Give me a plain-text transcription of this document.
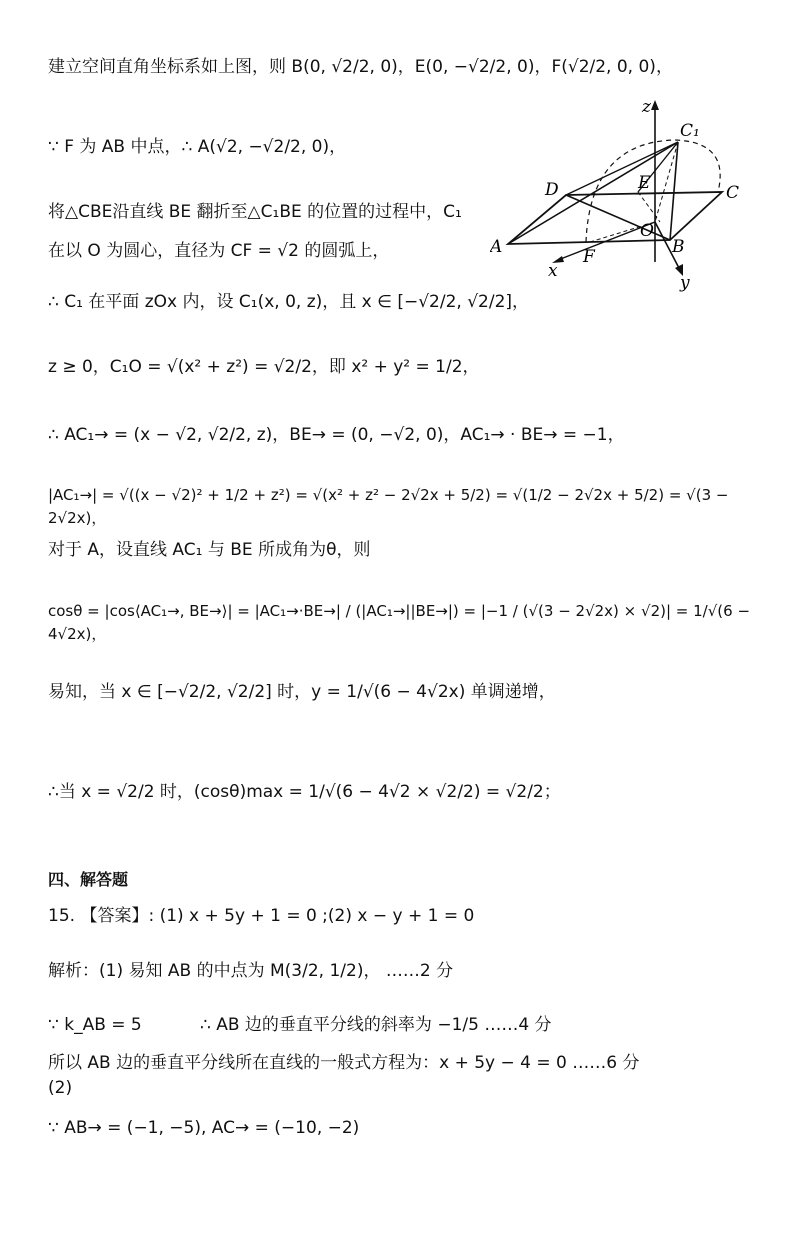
建立空间直角坐标系如上图，则 B(0, √2/2, 0)，E(0, −√2/2, 0)，F(√2/2, 0, 0)，
∵ F 为 AB 中点，∴ A(√2, −√2/2, 0)，
将△CBE沿直线 BE 翻折至△C₁BE 的位置的过程中，C₁
在以 O 为圆心，直径为 CF = √2 的圆弧上，
∴ C₁ 在平面 zOx 内，设 C₁(x, 0, z)，且 x ∈ [−√2/2, √2/2]，
z ≥ 0，C₁O = √(x² + z²) = √2/2，即 x² + y² = 1/2，
∴ AC₁→ = (x − √2, √2/2, z)，BE→ = (0, −√2, 0)，AC₁→ · BE→ = −1，
|AC₁→| = √((x − √2)² + 1/2 + z²) = √(x² + z² − 2√2x + 5/2) = √(1/2 − 2√2x + 5/2) = √(3 − 2√2x)，
对于 A，设直线 AC₁ 与 BE 所成角为θ，则
cosθ = |cos⟨AC₁→, BE→⟩| = |AC₁→·BE→| / (|AC₁→||BE→|) = |−1 / (√(3 − 2√2x) × √2)| = 1/√(6 − 4√2x)，
易知，当 x ∈ [−√2/2, √2/2] 时，y = 1/√(6 − 4√2x) 单调递增，
∴当 x = √2/2 时，(cosθ)max = 1/√(6 − 4√2 × √2/2) = √2/2；
四、解答题
15. 【答案】: (1) x + 5y + 1 = 0 ;(2) x − y + 1 = 0
解析：(1) 易知 AB 的中点为 M(3/2, 1/2)， ……2 分
∵ k_AB = 5	∴ AB 边的垂直平分线的斜率为 −1/5 ……4 分
所以 AB 边的垂直平分线所在直线的一般式方程为：x + 5y − 4 = 0 ……6 分
(2)
∵ AB→ = (−1, −5), AC→ = (−10, −2)
z
C₁
D	E	C
O
A
x
F	B
y
